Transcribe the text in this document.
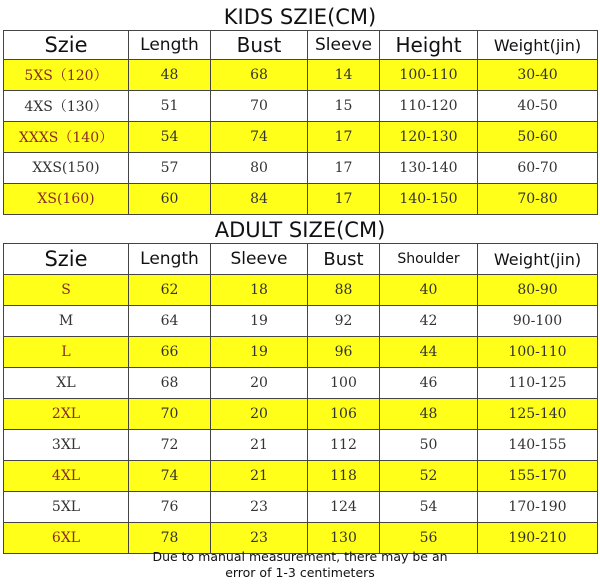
KIDS SZIE(CM)
Szie	Length	Bust	Sleeve	Height	Weight(jin)
5XS（120）	48	68	14	100-110	30-40
4XS（130）	51	70	15	110-120	40-50
XXXS（140）	54	74	17	120-130	50-60
XXS(150)	57	80	17	130-140	60-70
XS(160)	60	84	17	140-150	70-80
ADULT SIZE(CM)
Szie	Length	Sleeve	Bust	Shoulder	Weight(jin)
S	62	18	88	40	80-90
M	64	19	92	42	90-100
L	66	19	96	44	100-110
XL	68	20	100	46	110-125
2XL	70	20	106	48	125-140
3XL	72	21	112	50	140-155
4XL	74	21	118	52	155-170
5XL	76	23	124	54	170-190
6XL	78	23	130	56	190-210
Due to manual measurement, there may be an
error of 1-3 centimeters
